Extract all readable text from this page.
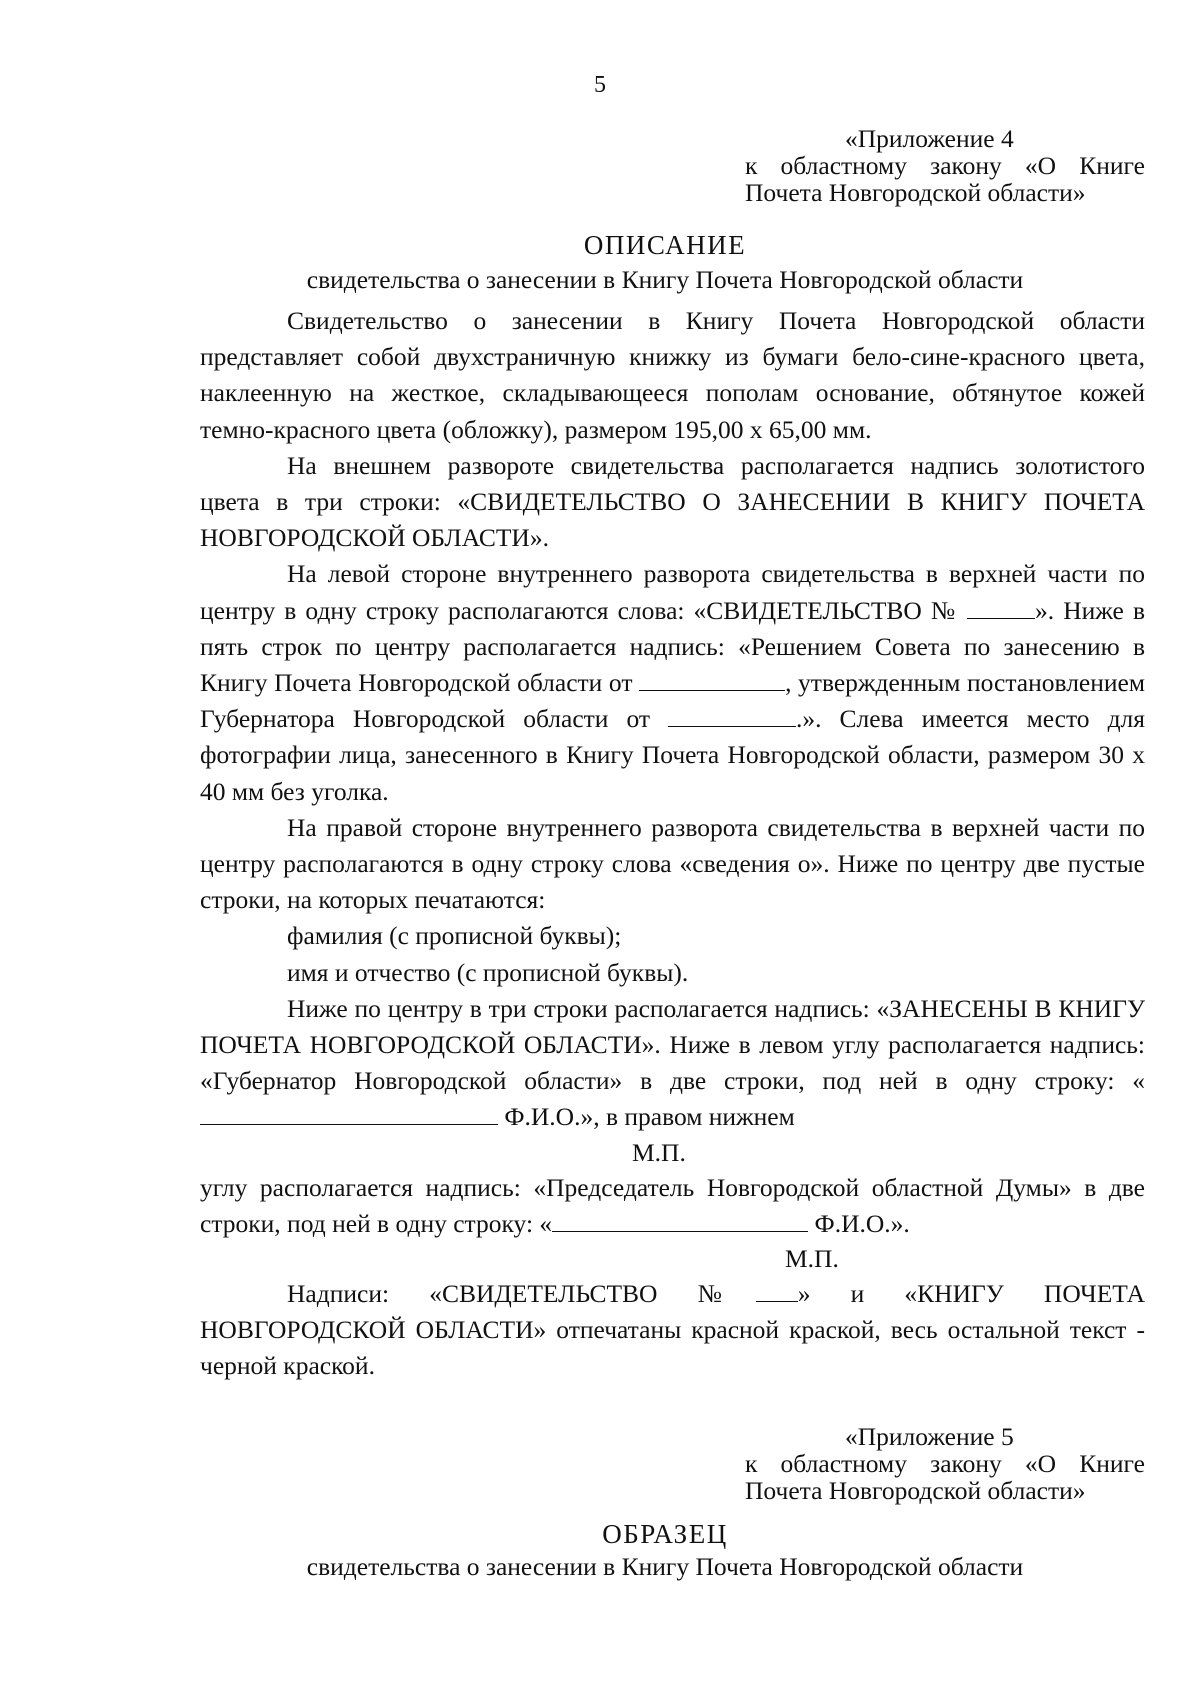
5
«Приложение 4
к областному закону «О Книге
Почета Новгородской области»
ОПИСАНИЕ
свидетельства о занесении в Книгу Почета Новгородской области

Свидетельство о занесении в Книгу Почета Новгородской области представляет собой двухстраничную книжку из бумаги бело-сине-красного цвета, наклеенную на жесткое, складывающееся пополам основание, обтянутое кожей темно-красного цвета (обложку), размером 195,00 х 65,00 мм.

На внешнем развороте свидетельства располагается надпись золотистого цвета в три строки: «СВИДЕТЕЛЬСТВО О ЗАНЕСЕНИИ В КНИГУ ПОЧЕТА НОВГОРОДСКОЙ ОБЛАСТИ».

На левой стороне внутреннего разворота свидетельства в верхней части по центру в одну строку располагаются слова: «СВИДЕТЕЛЬСТВО №	». Ниже в пять строк по центру располагается надпись: «Решением Совета по занесению в Книгу Почета Новгородской области от	, утвержденным постановлением Губернатора Новгородской области от	.». Слева имеется место для фотографии лица, занесенного в Книгу Почета Новгородской области, размером 30 х 40 мм без уголка.

На правой стороне внутреннего разворота свидетельства в верхней части по центру располагаются в одну строку слова «сведения о». Ниже по центру две пустые строки, на которых печатаются:

фамилия (с прописной буквы);

имя и отчество (с прописной буквы).

Ниже по центру в три строки располагается надпись: «ЗАНЕСЕНЫ В КНИГУ ПОЧЕТА НОВГОРОДСКОЙ ОБЛАСТИ». Ниже в левом углу располагается надпись: «Губернатор Новгородской области» в две строки, под ней в одну строку: « Ф.И.О.», в правом нижнем

М.П.

углу располагается надпись: «Председатель Новгородской областной Думы» в две строки, под ней в одну строку: «	Ф.И.О.».

М.П.

Надписи: «СВИДЕТЕЛЬСТВО № » и «КНИГУ ПОЧЕТА НОВГОРОДСКОЙ ОБЛАСТИ» отпечатаны красной краской, весь остальной текст - черной краской.

«Приложение 5
к областному закону «О Книге
Почета Новгородской области»
ОБРАЗЕЦ
свидетельства о занесении в Книгу Почета Новгородской области
